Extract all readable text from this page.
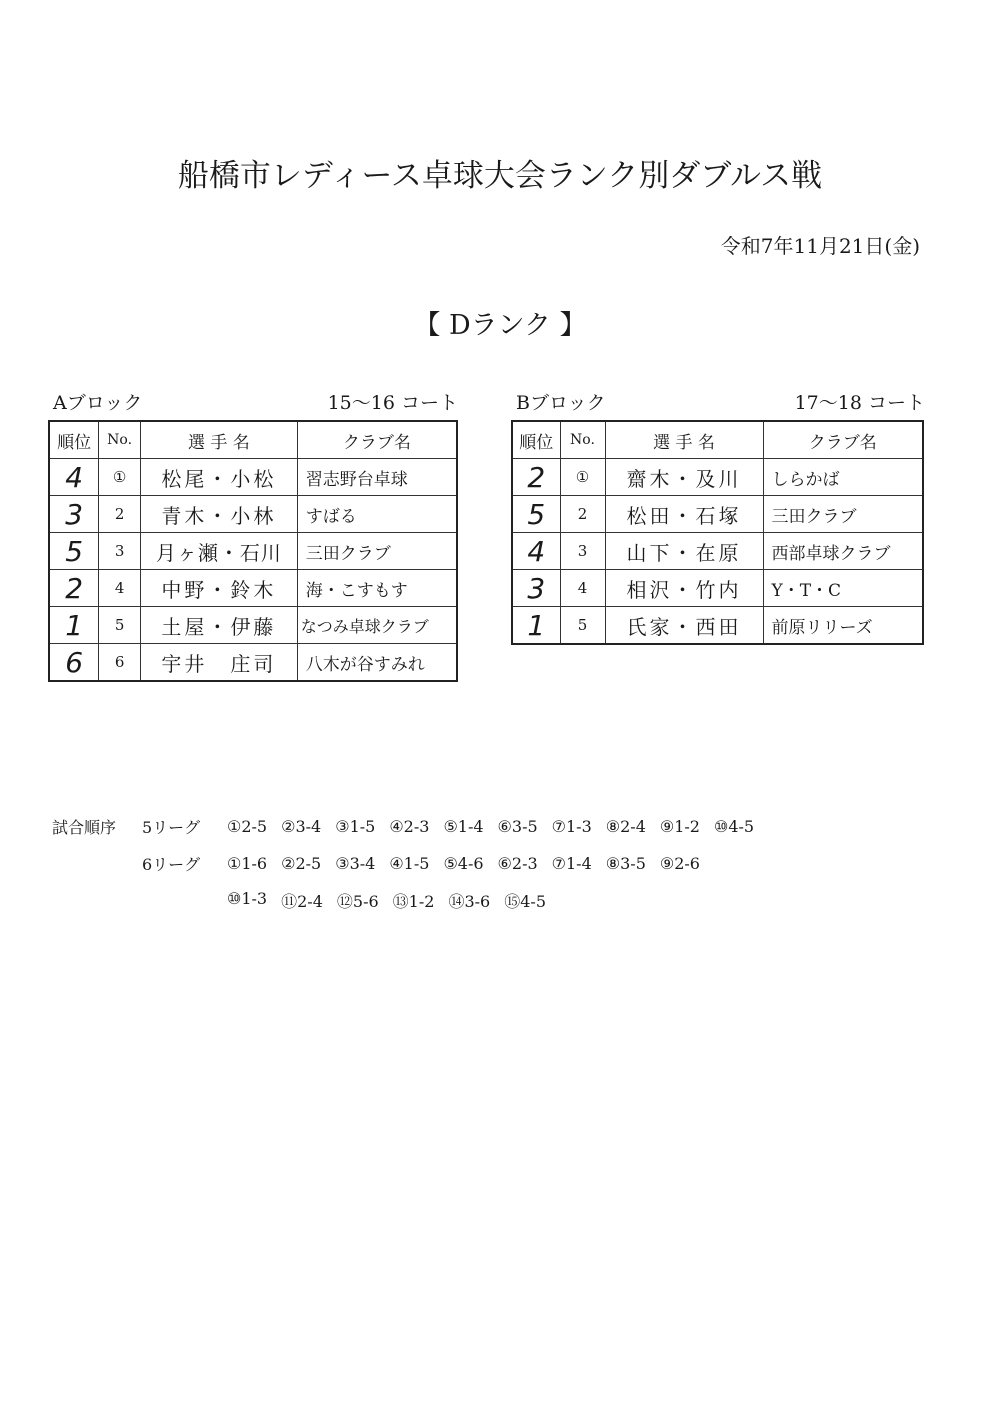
船橋市レディース卓球大会ランク別ダブルス戦
令和7年11月21日(金)
【 Dランク 】
Aブロック	15〜16 コート
順位	No.	選 手 名	クラブ名
4	①	松尾・小松	習志野台卓球
3	2	青木・小林	すばる
5	3	月ヶ瀬・石川	三田クラブ
2	4	中野・鈴木	海・こすもす
1	5	土屋・伊藤	なつみ卓球クラブ
6	6	宇井　庄司	八木が谷すみれ
Bブロック	17〜18 コート
順位	No.	選 手 名	クラブ名
2	①	齋木・及川	しらかば
5	2	松田・石塚	三田クラブ
4	3	山下・在原	西部卓球クラブ
3	4	相沢・竹内	Y・T・C
1	5	氏家・西田	前原リリーズ
試合順序	5リーグ	①2-5 ②3-4 ③1-5 ④2-3 ⑤1-4 ⑥3-5 ⑦1-3 ⑧2-4 ⑨1-2 ⑩4-5
6リーグ	①1-6 ②2-5 ③3-4 ④1-5 ⑤4-6 ⑥2-3 ⑦1-4 ⑧3-5 ⑨2-6
⑩1-3 ⑪2-4 ⑫5-6 ⑬1-2 ⑭3-6 ⑮4-5
